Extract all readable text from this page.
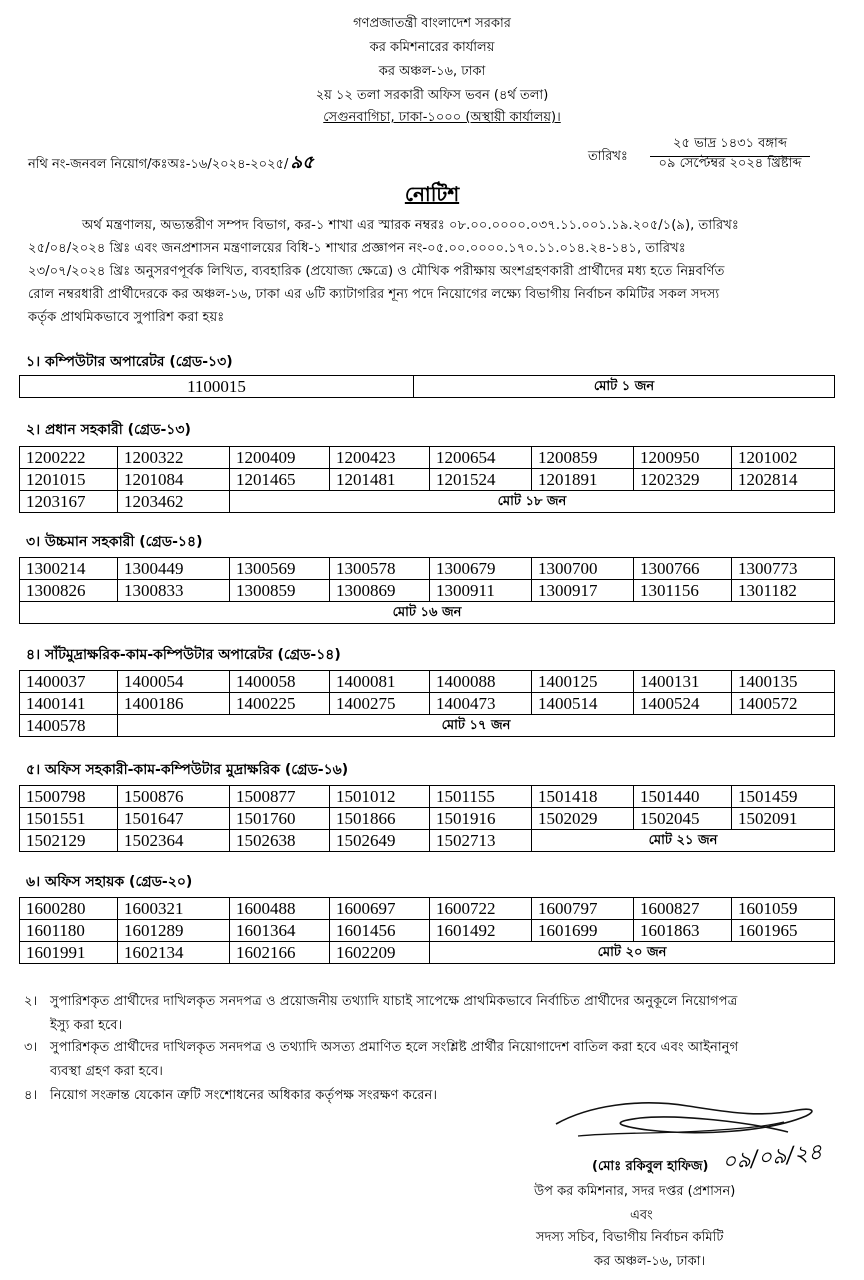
গণপ্রজাতন্ত্রী বাংলাদেশ সরকার
কর কমিশনারের কার্যালয়
কর অঞ্চল-১৬, ঢাকা
২য় ১২ তলা সরকারী অফিস ভবন (৪র্থ তলা)
সেগুনবাগিচা, ঢাকা-১০০০ (অস্থায়ী কার্যালয়)।
নথি নং-জনবল নিয়োগ/কঃঅঃ-১৬/২০২৪-২০২৫/ ৯৫	তারিখঃ
২৫ ভাদ্র ১৪৩১ বঙ্গাব্দ
০৯ সেপ্টেম্বর ২০২৪ খ্রিষ্টাব্দ
নোটিশ
অর্থ মন্ত্রণালয়, অভ্যন্তরীণ সম্পদ বিভাগ, কর-১ শাখা এর স্মারক নম্বরঃ ০৮.০০.০০০০.০৩৭.১১.০০১.১৯.২০৫/১(৯), তারিখঃ
২৫/০৪/২০২৪ খ্রিঃ এবং জনপ্রশাসন মন্ত্রণালয়ের বিধি-১ শাখার প্রজ্ঞাপন নং-০৫.০০.০০০০.১৭০.১১.০১৪.২৪-১৪১, তারিখঃ
২৩/০৭/২০২৪ খ্রিঃ অনুসরণপূর্বক লিখিত, ব্যবহারিক (প্রযোজ্য ক্ষেত্রে) ও মৌখিক পরীক্ষায় অংশগ্রহণকারী প্রার্থীদের মধ্য হতে নিম্নবর্ণিত
রোল নম্বরধারী প্রার্থীদেরকে কর অঞ্চল-১৬, ঢাকা এর ৬টি ক্যাটাগরির শূন্য পদে নিয়োগের লক্ষ্যে বিভাগীয় নির্বাচন কমিটির সকল সদস্য
কর্তৃক প্রাথমিকভাবে সুপারিশ করা হয়ঃ
১। কম্পিউটার অপারেটর (গ্রেড-১৩)
1100015	মোট ১ জন
২। প্রধান সহকারী (গ্রেড-১৩)
1200222	1200322	1200409	1200423	1200654	1200859	1200950	1201002
1201015	1201084	1201465	1201481	1201524	1201891	1202329	1202814
1203167	1203462	মোট ১৮ জন					
৩। উচ্চমান সহকারী (গ্রেড-১৪)
1300214	1300449	1300569	1300578	1300679	1300700	1300766	1300773
1300826	1300833	1300859	1300869	1300911	1300917	1301156	1301182
মোট ১৬ জন							
৪। সাঁটমুদ্রাক্ষরিক-কাম-কম্পিউটার অপারেটর (গ্রেড-১৪)
1400037	1400054	1400058	1400081	1400088	1400125	1400131	1400135
1400141	1400186	1400225	1400275	1400473	1400514	1400524	1400572
1400578	মোট ১৭ জন						
৫। অফিস সহকারী-কাম-কম্পিউটার মুদ্রাক্ষরিক (গ্রেড-১৬)
1500798	1500876	1500877	1501012	1501155	1501418	1501440	1501459
1501551	1501647	1501760	1501866	1501916	1502029	1502045	1502091
1502129	1502364	1502638	1502649	1502713	মোট ২১ জন		
৬। অফিস সহায়ক (গ্রেড-২০)
1600280	1600321	1600488	1600697	1600722	1600797	1600827	1601059
1601180	1601289	1601364	1601456	1601492	1601699	1601863	1601965
1601991	1602134	1602166	1602209	মোট ২০ জন			
২। সুপারিশকৃত প্রার্থীদের দাখিলকৃত সনদপত্র ও প্রয়োজনীয় তথ্যাদি যাচাই সাপেক্ষে প্রাথমিকভাবে নির্বাচিত প্রার্থীদের অনুকূলে নিয়োগপত্র
ইস্যু করা হবে।
৩। সুপারিশকৃত প্রার্থীদের দাখিলকৃত সনদপত্র ও তথ্যাদি অসত্য প্রমাণিত হলে সংশ্লিষ্ট প্রার্থীর নিয়োগাদেশ বাতিল করা হবে এবং আইনানুগ
ব্যবস্থা গ্রহণ করা হবে।
৪। নিয়োগ সংক্রান্ত যেকোন ত্রুটি সংশোধনের অধিকার কর্তৃপক্ষ সংরক্ষণ করেন।
(মোঃ রকিবুল হাফিজ) ০৯/০৯/২৪
উপ কর কমিশনার, সদর দপ্তর (প্রশাসন)
এবং
সদস্য সচিব, বিভাগীয় নির্বাচন কমিটি
কর অঞ্চল-১৬, ঢাকা।
